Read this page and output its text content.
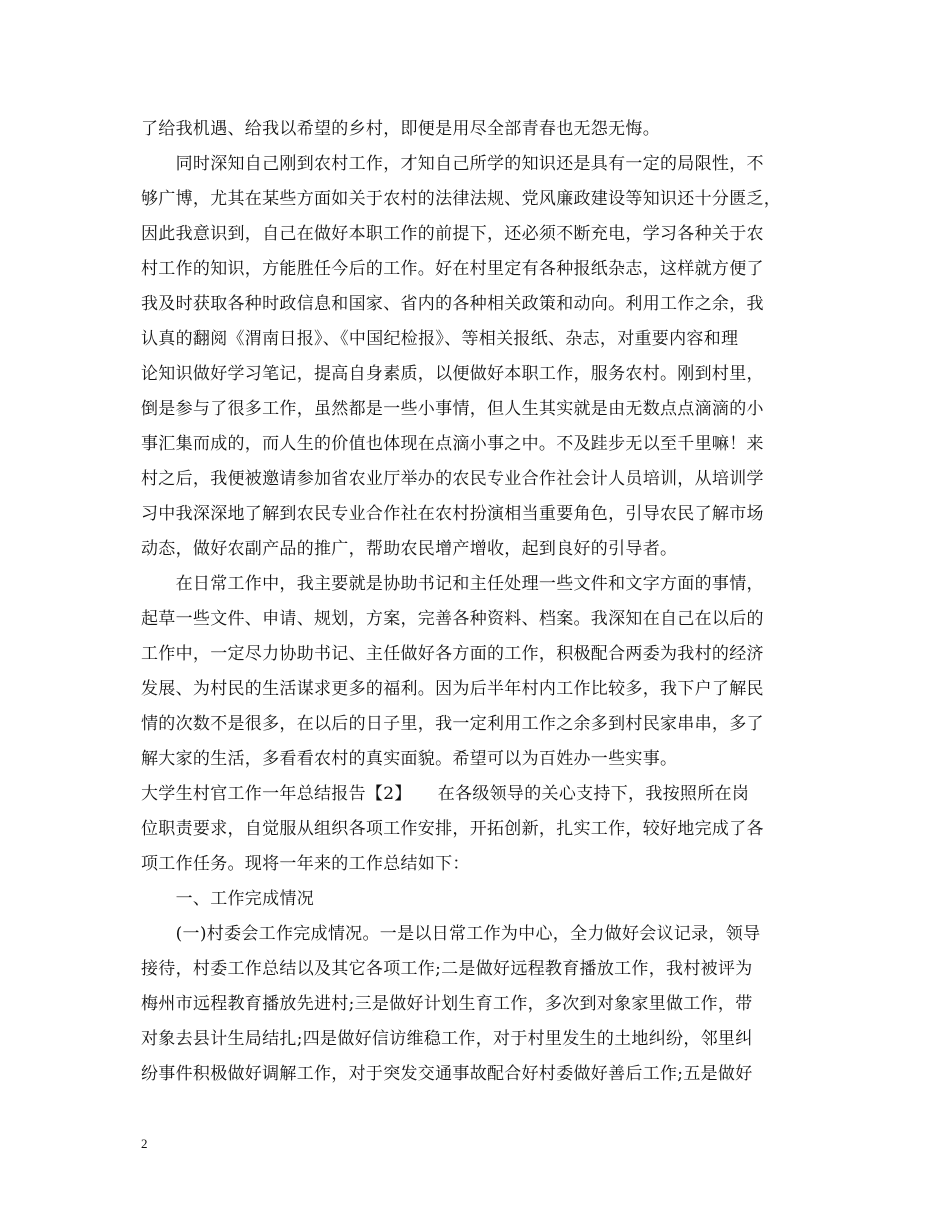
了给我机遇、给我以希望的乡村，即便是用尽全部青春也无怨无悔。
　　同时深知自己刚到农村工作，才知自己所学的知识还是具有一定的局限性，不
够广博，尤其在某些方面如关于农村的法律法规、党风廉政建设等知识还十分匮乏，
因此我意识到，自己在做好本职工作的前提下，还必须不断充电，学习各种关于农
村工作的知识，方能胜任今后的工作。好在村里定有各种报纸杂志，这样就方便了
我及时获取各种时政信息和国家、省内的各种相关政策和动向。利用工作之余，我
认真的翻阅《渭南日报》、《中国纪检报》、等相关报纸、杂志，对重要内容和理
论知识做好学习笔记，提高自身素质，以便做好本职工作，服务农村。刚到村里，
倒是参与了很多工作，虽然都是一些小事情，但人生其实就是由无数点点滴滴的小
事汇集而成的，而人生的价值也体现在点滴小事之中。不及跬步无以至千里嘛！来
村之后，我便被邀请参加省农业厅举办的农民专业合作社会计人员培训，从培训学
习中我深深地了解到农民专业合作社在农村扮演相当重要角色，引导农民了解市场
动态，做好农副产品的推广，帮助农民增产增收，起到良好的引导者。
　　在日常工作中，我主要就是协助书记和主任处理一些文件和文字方面的事情，
起草一些文件、申请、规划，方案，完善各种资料、档案。我深知在自己在以后的
工作中，一定尽力协助书记、主任做好各方面的工作，积极配合两委为我村的经济
发展、为村民的生活谋求更多的福利。因为后半年村内工作比较多，我下户了解民
情的次数不是很多，在以后的日子里，我一定利用工作之余多到村民家串串，多了
解大家的生活，多看看农村的真实面貌。希望可以为百姓办一些实事。
大学生村官工作一年总结报告【2】　　在各级领导的关心支持下，我按照所在岗
位职责要求，自觉服从组织各项工作安排，开拓创新，扎实工作，较好地完成了各
项工作任务。现将一年来的工作总结如下：
　　一、工作完成情况
　　(一)村委会工作完成情况。一是以日常工作为中心，全力做好会议记录，领导
接待，村委工作总结以及其它各项工作;二是做好远程教育播放工作，我村被评为
梅州市远程教育播放先进村;三是做好计划生育工作，多次到对象家里做工作，带
对象去县计生局结扎;四是做好信访维稳工作，对于村里发生的土地纠纷，邻里纠
纷事件积极做好调解工作，对于突发交通事故配合好村委做好善后工作;五是做好
2
